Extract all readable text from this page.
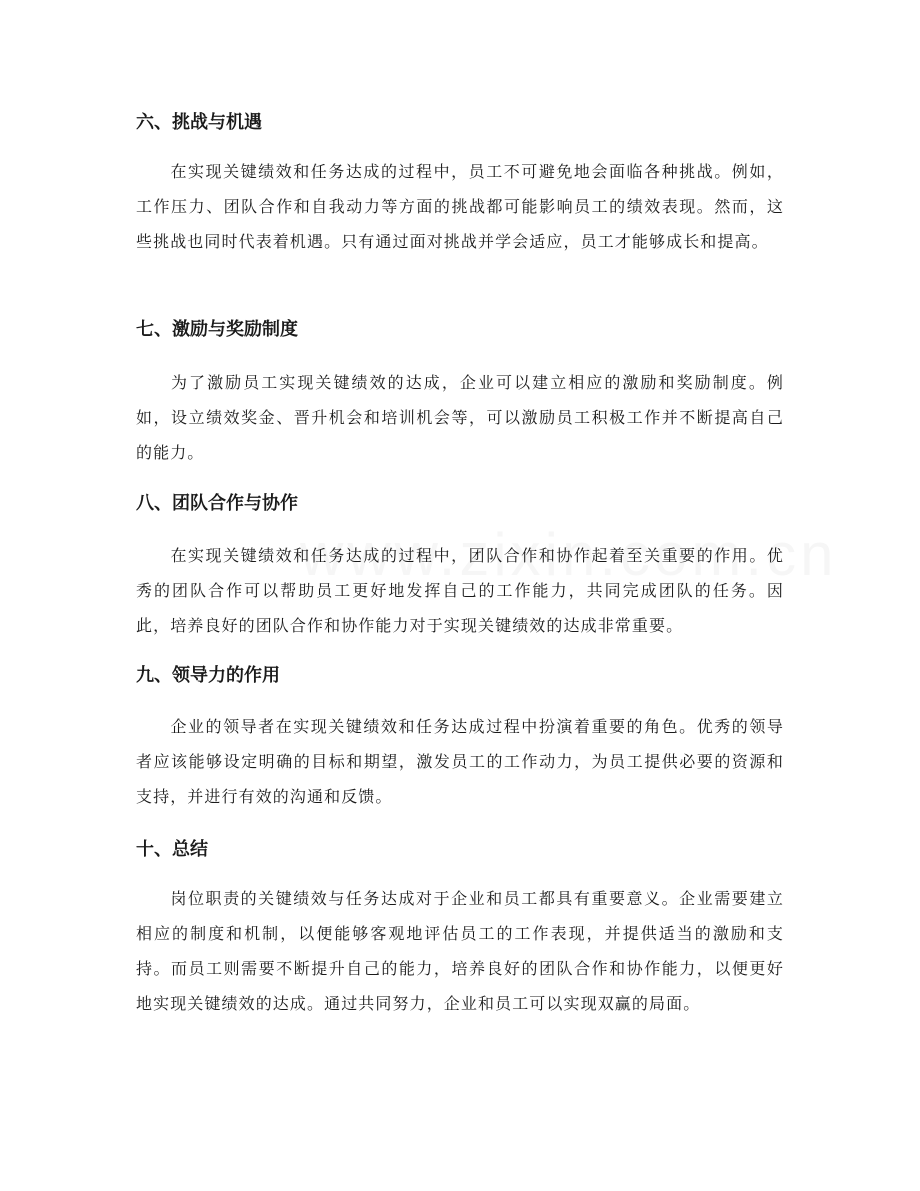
六、挑战与机遇

在实现关键绩效和任务达成的过程中，员工不可避免地会面临各种挑战。例如，工作压力、团队合作和自我动力等方面的挑战都可能影响员工的绩效表现。然而，这些挑战也同时代表着机遇。只有通过面对挑战并学会适应，员工才能够成长和提高。

七、激励与奖励制度

为了激励员工实现关键绩效的达成，企业可以建立相应的激励和奖励制度。例如，设立绩效奖金、晋升机会和培训机会等，可以激励员工积极工作并不断提高自己的能力。

八、团队合作与协作

在实现关键绩效和任务达成的过程中，团队合作和协作起着至关重要的作用。优秀的团队合作可以帮助员工更好地发挥自己的工作能力，共同完成团队的任务。因此，培养良好的团队合作和协作能力对于实现关键绩效的达成非常重要。

九、领导力的作用

企业的领导者在实现关键绩效和任务达成过程中扮演着重要的角色。优秀的领导者应该能够设定明确的目标和期望，激发员工的工作动力，为员工提供必要的资源和支持，并进行有效的沟通和反馈。

十、总结

岗位职责的关键绩效与任务达成对于企业和员工都具有重要意义。企业需要建立相应的制度和机制，以便能够客观地评估员工的工作表现，并提供适当的激励和支持。而员工则需要不断提升自己的能力，培养良好的团队合作和协作能力，以便更好地实现关键绩效的达成。通过共同努力，企业和员工可以实现双赢的局面。
